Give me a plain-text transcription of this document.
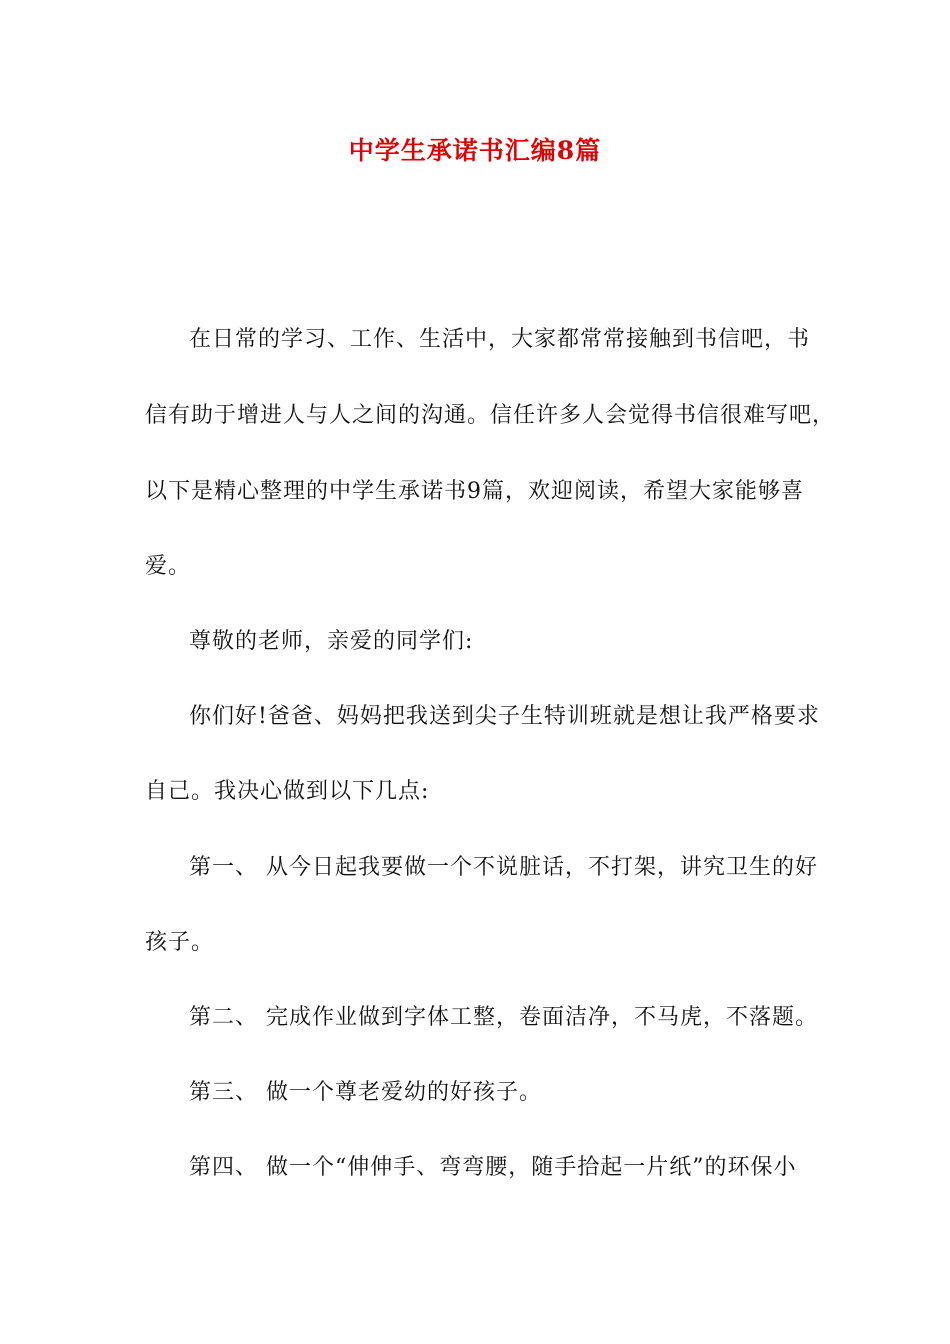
中学生承诺书汇编8篇
在日常的学习、工作、生活中，大家都常常接触到书信吧，书
信有助于增进人与人之间的沟通。信任许多人会觉得书信很难写吧，
以下是精心整理的中学生承诺书9篇，欢迎阅读，希望大家能够喜
爱。
尊敬的老师，亲爱的同学们:
你们好!爸爸、妈妈把我送到尖子生特训班就是想让我严格要求
自己。我决心做到以下几点:
第一、 从今日起我要做一个不说脏话，不打架，讲究卫生的好
孩子。
第二、 完成作业做到字体工整，卷面洁净，不马虎，不落题。
第三、 做一个尊老爱幼的好孩子。
第四、 做一个“伸伸手、弯弯腰，随手拾起一片纸”的环保小
